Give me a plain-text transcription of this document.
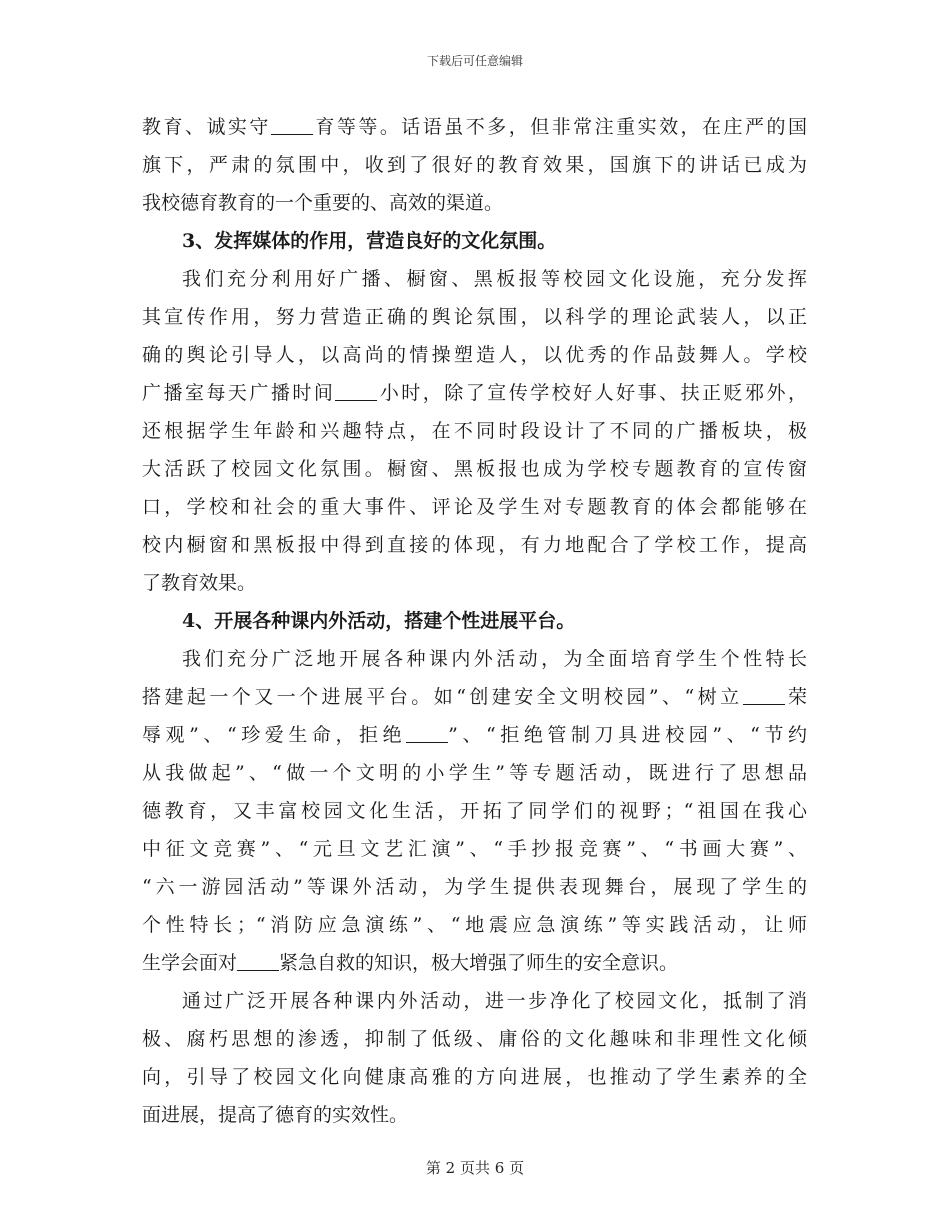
下载后可任意编辑
教育、诚实守 育等等。话语虽不多，但非常注重实效，在庄严的国
旗下，严肃的氛围中，收到了很好的教育效果，国旗下的讲话已成为
我校德育教育的一个重要的、高效的渠道。
3、发挥媒体的作用，营造良好的文化氛围。
我们充分利用好广播、橱窗、黑板报等校园文化设施，充分发挥
其宣传作用，努力营造正确的舆论氛围，以科学的理论武装人，以正
确的舆论引导人，以高尚的情操塑造人，以优秀的作品鼓舞人。学校
广播室每天广播时间 小时，除了宣传学校好人好事、扶正贬邪外，
还根据学生年龄和兴趣特点，在不同时段设计了不同的广播板块，极
大活跃了校园文化氛围。橱窗、黑板报也成为学校专题教育的宣传窗
口，学校和社会的重大事件、评论及学生对专题教育的体会都能够在
校内橱窗和黑板报中得到直接的体现，有力地配合了学校工作，提高
了教育效果。
4、开展各种课内外活动，搭建个性进展平台。
我们充分广泛地开展各种课内外活动，为全面培育学生个性特长
搭建起一个又一个进展平台。如“创建安全文明校园”、“树立 荣
辱观”、“珍爱生命，拒绝 ”、“拒绝管制刀具进校园”、“节约
从我做起”、“做一个文明的小学生”等专题活动，既进行了思想品
德教育，又丰富校园文化生活，开拓了同学们的视野；“祖国在我心
中征文竞赛”、“元旦文艺汇演”、“手抄报竞赛”、“书画大赛”、
“六一游园活动”等课外活动，为学生提供表现舞台，展现了学生的
个性特长；“消防应急演练”、“地震应急演练”等实践活动，让师
生学会面对 紧急自救的知识，极大增强了师生的安全意识。
通过广泛开展各种课内外活动，进一步净化了校园文化，抵制了消
极、腐朽思想的渗透，抑制了低级、庸俗的文化趣味和非理性文化倾
向，引导了校园文化向健康高雅的方向进展，也推动了学生素养的全
面进展，提高了德育的实效性。
第 2 页共 6 页
